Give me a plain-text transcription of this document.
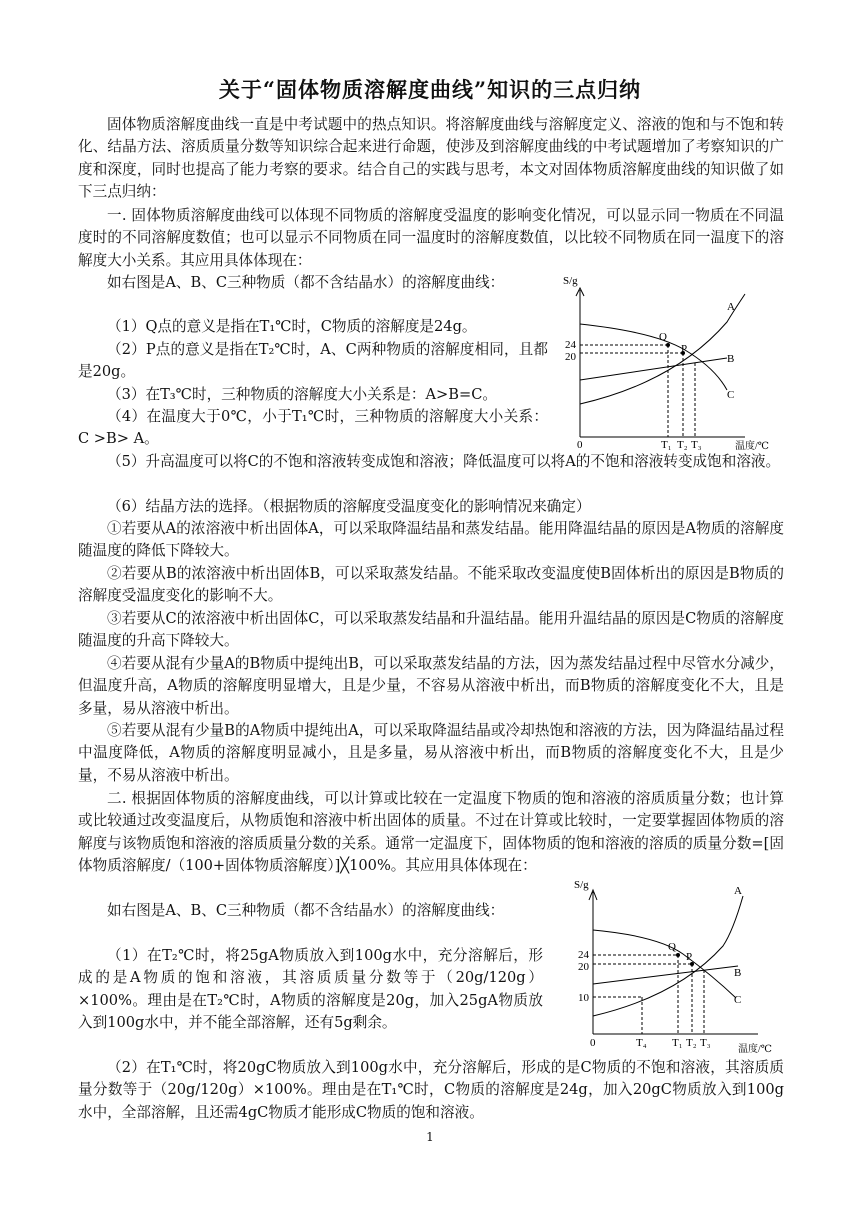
关于“固体物质溶解度曲线”知识的三点归纳

固体物质溶解度曲线一直是中考试题中的热点知识。将溶解度曲线与溶解度定义、溶液的饱和与不饱和转化、结晶方法、溶质质量分数等知识综合起来进行命题，使涉及到溶解度曲线的中考试题增加了考察知识的广度和深度，同时也提高了能力考察的要求。结合自己的实践与思考，本文对固体物质溶解度曲线的知识做了如下三点归纳：

一. 固体物质溶解度曲线可以体现不同物质的溶解度受温度的影响变化情况，可以显示同一物质在不同温度时的不同溶解度数值；也可以显示不同物质在同一温度时的溶解度数值，以比较不同物质在同一温度下的溶解度大小关系。其应用具体体现在：

如右图是A、B、C三种物质（都不含结晶水）的溶解度曲线：

（1）Q点的意义是指在T₁℃时，C物质的溶解度是24g。

（2）P点的意义是指在T₂℃时，A、C两种物质的溶解度相同，且都是20g。

（3）在T₃℃时，三种物质的溶解度大小关系是：A>B=C。

（4）在温度大于0℃，小于T₁℃时，三种物质的溶解度大小关系：C >B> A。

（5）升高温度可以将C的不饱和溶液转变成饱和溶液；降低温度可以将A的不饱和溶液转变成饱和溶液。

（6）结晶方法的选择。（根据物质的溶解度受温度变化的影响情况来确定）

①若要从A的浓溶液中析出固体A，可以采取降温结晶和蒸发结晶。能用降温结晶的原因是A物质的溶解度随温度的降低下降较大。

②若要从B的浓溶液中析出固体B，可以采取蒸发结晶。不能采取改变温度使B固体析出的原因是B物质的溶解度受温度变化的影响不大。

③若要从C的浓溶液中析出固体C，可以采取蒸发结晶和升温结晶。能用升温结晶的原因是C物质的溶解度随温度的升高下降较大。

④若要从混有少量A的B物质中提纯出B，可以采取蒸发结晶的方法，因为蒸发结晶过程中尽管水分减少，但温度升高，A物质的溶解度明显增大，且是少量，不容易从溶液中析出，而B物质的溶解度变化不大，且是多量，易从溶液中析出。

⑤若要从混有少量B的A物质中提纯出A，可以采取降温结晶或冷却热饱和溶液的方法，因为降温结晶过程中温度降低，A物质的溶解度明显减小，且是多量，易从溶液中析出，而B物质的溶解度变化不大，且是少量，不易从溶液中析出。

二. 根据固体物质的溶解度曲线，可以计算或比较在一定温度下物质的饱和溶液的溶质质量分数；也计算或比较通过改变温度后，从物质饱和溶液中析出固体的质量。不过在计算或比较时，一定要掌握固体物质的溶解度与该物质饱和溶液的溶质质量分数的关系。通常一定温度下，固体物质的饱和溶液的溶质的质量分数=[固体物质溶解度/（100+固体物质溶解度）]╳100%。其应用具体体现在：

如右图是A、B、C三种物质（都不含结晶水）的溶解度曲线：

（1）在T₂℃时，将25gA物质放入到100g水中，充分溶解后，形成的是A物质的饱和溶液，其溶质质量分数等于（20g/120g）×100%。理由是在T₂℃时，A物质的溶解度是20g，加入25gA物质放入到100g水中，并不能全部溶解，还有5g剩余。

（2）在T₁℃时，将20gC物质放入到100g水中，充分溶解后，形成的是C物质的不饱和溶液，其溶质质量分数等于（20g/120g）×100%。理由是在T₁℃时，C物质的溶解度是24g，加入20gC物质放入到100g水中，全部溶解，且还需4gC物质才能形成C物质的饱和溶液。

S/g
温度/℃
0
24
20
T₁ T₂ T₃
A
B
C
Q
P
S/g
温度/℃
0
24
20
10
T₄ T₁ T₂ T₃
A
B
C
Q
P
1
